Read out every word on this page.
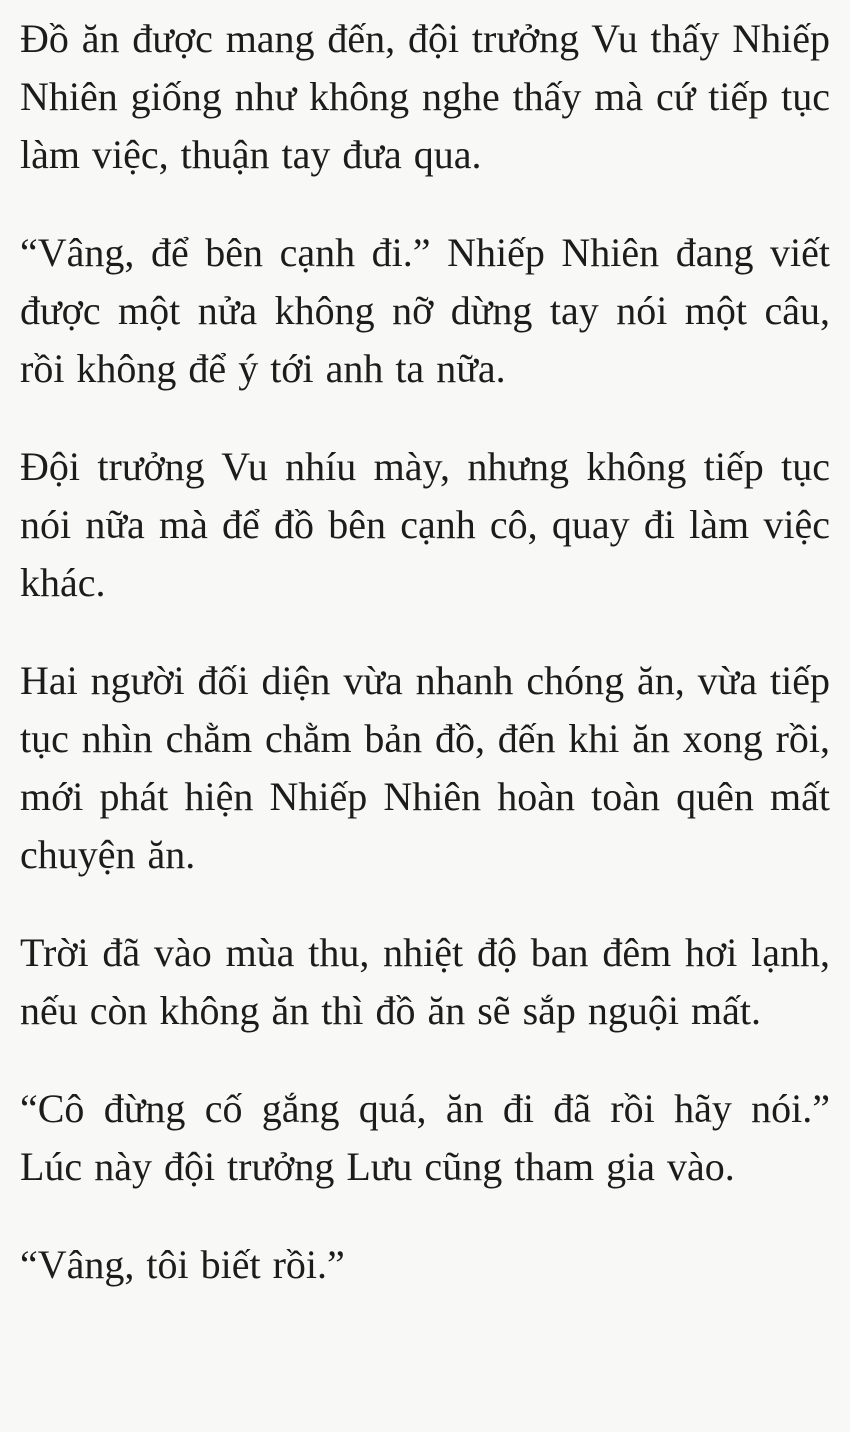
Đồ ăn được mang đến, đội trưởng Vu thấy Nhiếp Nhiên giống như không nghe thấy mà cứ tiếp tục làm việc, thuận tay đưa qua.

“Vâng, để bên cạnh đi.” Nhiếp Nhiên đang viết được một nửa không nỡ dừng tay nói một câu, rồi không để ý tới anh ta nữa.

Đội trưởng Vu nhíu mày, nhưng không tiếp tục nói nữa mà để đồ bên cạnh cô, quay đi làm việc khác.

Hai người đối diện vừa nhanh chóng ăn, vừa tiếp tục nhìn chằm chằm bản đồ, đến khi ăn xong rồi, mới phát hiện Nhiếp Nhiên hoàn toàn quên mất chuyện ăn.

Trời đã vào mùa thu, nhiệt độ ban đêm hơi lạnh, nếu còn không ăn thì đồ ăn sẽ sắp nguội mất.

“Cô đừng cố gắng quá, ăn đi đã rồi hãy nói.” Lúc này đội trưởng Lưu cũng tham gia vào.

“Vâng, tôi biết rồi.”
